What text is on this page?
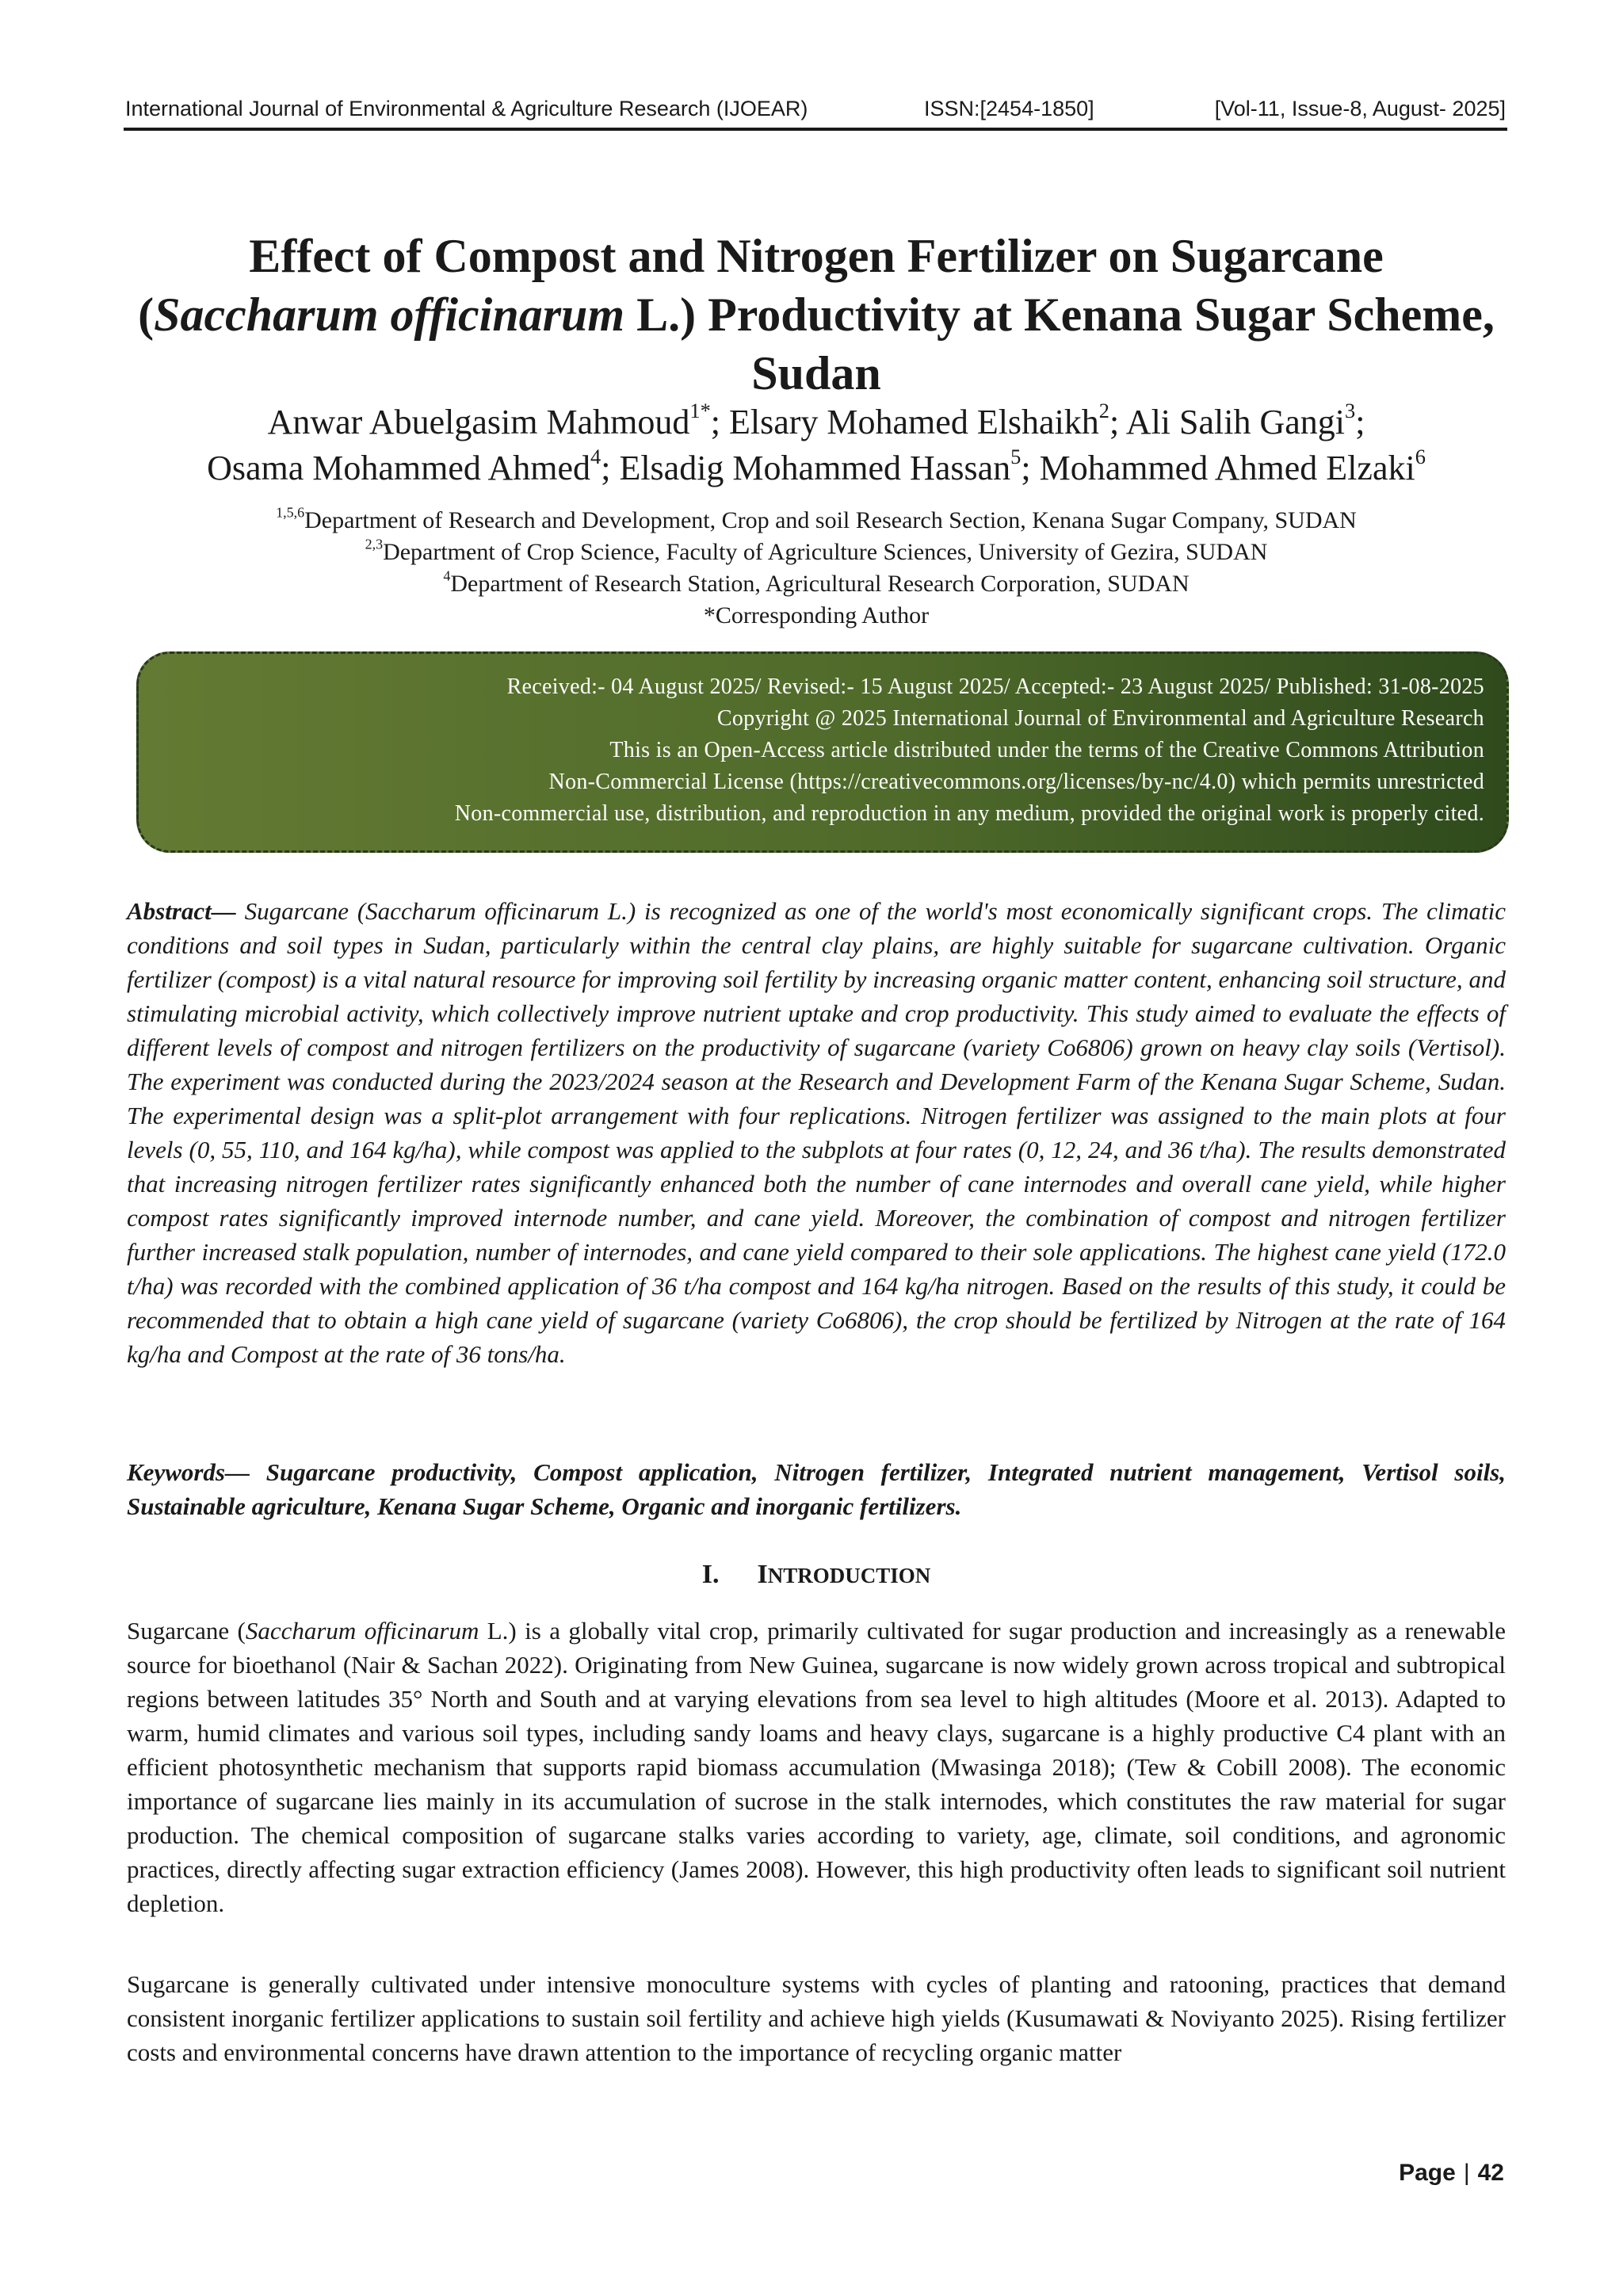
International Journal of Environmental & Agriculture Research (IJOEAR)	ISSN:[2454-1850]	[Vol-11, Issue-8, August- 2025]
Effect of Compost and Nitrogen Fertilizer on Sugarcane
(Saccharum officinarum L.) Productivity at Kenana Sugar Scheme, Sudan
Anwar Abuelgasim Mahmoud$^{1*}$; Elsary Mohamed Elshaikh$^2$; Ali Salih Gangi$^3$;
Osama Mohammed Ahmed$^4$; Elsadig Mohammed Hassan$^5$; Mohammed Ahmed Elzaki$^6$
$^{1,5,6}$Department of Research and Development, Crop and soil Research Section, Kenana Sugar Company, SUDAN
$^{2,3}$Department of Crop Science, Faculty of Agriculture Sciences, University of Gezira, SUDAN
$^4$Department of Research Station, Agricultural Research Corporation, SUDAN
*Corresponding Author
Received:- 04 August 2025/ Revised:- 15 August 2025/ Accepted:- 23 August 2025/ Published: 31-08-2025
Copyright @ 2025 International Journal of Environmental and Agriculture Research
This is an Open-Access article distributed under the terms of the Creative Commons Attribution
Non-Commercial License (https://creativecommons.org/licenses/by-nc/4.0) which permits unrestricted
Non-commercial use, distribution, and reproduction in any medium, provided the original work is properly cited.
Abstract— Sugarcane (Saccharum officinarum L.) is recognized as one of the world's most economically significant crops. The climatic conditions and soil types in Sudan, particularly within the central clay plains, are highly suitable for sugarcane cultivation. Organic fertilizer (compost) is a vital natural resource for improving soil fertility by increasing organic matter content, enhancing soil structure, and stimulating microbial activity, which collectively improve nutrient uptake and crop productivity. This study aimed to evaluate the effects of different levels of compost and nitrogen fertilizers on the productivity of sugarcane (variety Co6806) grown on heavy clay soils (Vertisol). The experiment was conducted during the 2023/2024 season at the Research and Development Farm of the Kenana Sugar Scheme, Sudan. The experimental design was a split-plot arrangement with four replications. Nitrogen fertilizer was assigned to the main plots at four levels (0, 55, 110, and 164 kg/ha), while compost was applied to the subplots at four rates (0, 12, 24, and 36 t/ha). The results demonstrated that increasing nitrogen fertilizer rates significantly enhanced both the number of cane internodes and overall cane yield, while higher compost rates significantly improved internode number, and cane yield. Moreover, the combination of compost and nitrogen fertilizer further increased stalk population, number of internodes, and cane yield compared to their sole applications. The highest cane yield (172.0 t/ha) was recorded with the combined application of 36 t/ha compost and 164 kg/ha nitrogen. Based on the results of this study, it could be recommended that to obtain a high cane yield of sugarcane (variety Co6806), the crop should be fertilized by Nitrogen at the rate of 164 kg/ha and Compost at the rate of 36 tons/ha.
Keywords— Sugarcane productivity, Compost application, Nitrogen fertilizer, Integrated nutrient management, Vertisol soils, Sustainable agriculture, Kenana Sugar Scheme, Organic and inorganic fertilizers.
I. INTRODUCTION
Sugarcane (Saccharum officinarum L.) is a globally vital crop, primarily cultivated for sugar production and increasingly as a renewable source for bioethanol (Nair & Sachan 2022). Originating from New Guinea, sugarcane is now widely grown across tropical and subtropical regions between latitudes 35° North and South and at varying elevations from sea level to high altitudes (Moore et al. 2013). Adapted to warm, humid climates and various soil types, including sandy loams and heavy clays, sugarcane is a highly productive C4 plant with an efficient photosynthetic mechanism that supports rapid biomass accumulation (Mwasinga 2018); (Tew & Cobill 2008). The economic importance of sugarcane lies mainly in its accumulation of sucrose in the stalk internodes, which constitutes the raw material for sugar production. The chemical composition of sugarcane stalks varies according to variety, age, climate, soil conditions, and agronomic practices, directly affecting sugar extraction efficiency (James 2008). However, this high productivity often leads to significant soil nutrient depletion.
Sugarcane is generally cultivated under intensive monoculture systems with cycles of planting and ratooning, practices that demand consistent inorganic fertilizer applications to sustain soil fertility and achieve high yields (Kusumawati & Noviyanto 2025). Rising fertilizer costs and environmental concerns have drawn attention to the importance of recycling organic matter
Page | 42
